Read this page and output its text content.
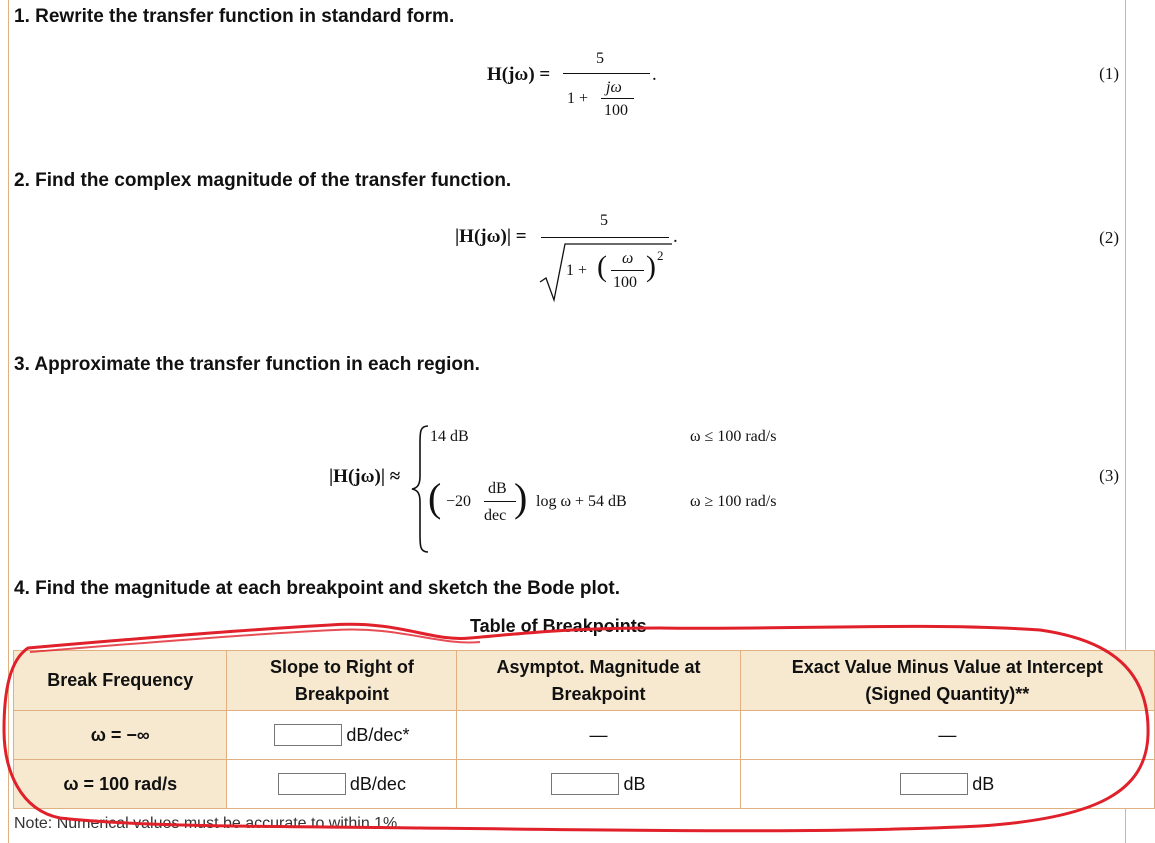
1. Rewrite the transfer function in standard form.
H(jω) =
5
1 +
jω
100
.	(1)
2. Find the complex magnitude of the transfer function.
|H(jω)| =
5
1 + ( ω
100 ) 2
.	(2)
3. Approximate the transfer function in each region.
|H(jω)| ≈
14 dB	ω ≤ 100 rad/s
( −20
dB
dec ) log ω + 54 dB	ω ≥ 100 rad/s
(3)
4. Find the magnitude at each breakpoint and sketch the Bode plot.
Table of Breakpoints
Break Frequency	Slope to Right of Breakpoint	Asymptot. Magnitude at Breakpoint	Exact Value Minus Value at Intercept (Signed Quantity)**
ω = −∞	dB/dec*	—	—
ω = 100 rad/s	dB/dec	dB	dB
Note: Numerical values must be accurate to within 1%.
